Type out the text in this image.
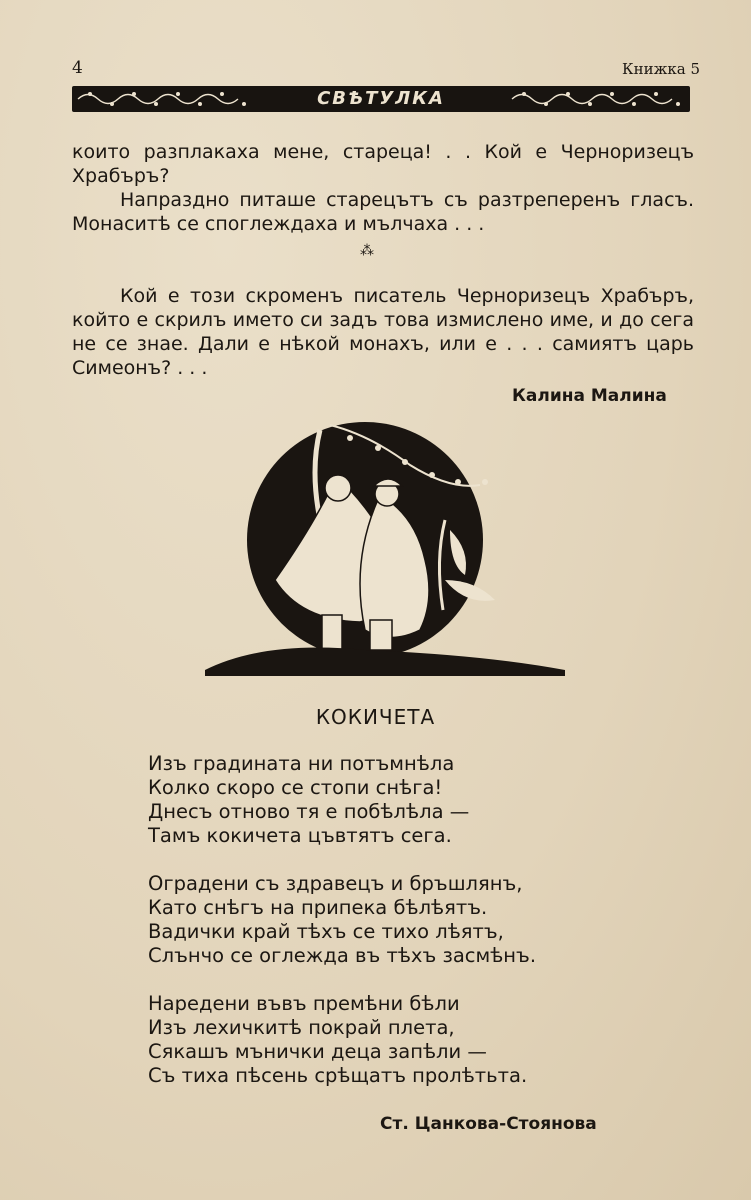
4	Книжка 5
СВѢТУЛКА

които разплакаха мене, стареца! . . Кой е Черноризецъ Храбъръ?

Напраздно питаше старецътъ съ разтреперенъ гласъ. Монаситѣ се споглеждаха и мълчаха . . .

⁂

Кой е този скроменъ писатель Черноризецъ Храбъръ, който е скрилъ името си задъ това измислено име, и до сега не се знае. Дали е нѣкой монахъ, или е . . . самиятъ царь Симеонъ? . . .

Калина Малина
КОКИЧЕТА
Изъ градината ни потъмнѣла
Колко скоро се стопи снѣга!
Днесъ отново тя е побѣлѣла —
Тамъ кокичета цъвтятъ сега.
Оградени съ здравецъ и бръшлянъ,
Като снѣгъ на припека бѣлѣятъ.
Вадички край тѣхъ се тихо лѣятъ,
Слънчо се оглежда въ тѣхъ засмѣнъ.
Наредени въвъ премѣни бѣли
Изъ лехичкитѣ покрай плета,
Сякашъ мънички деца запѣли —
Съ тиха пѣсень срѣщатъ пролѣтьта.
Ст. Цанкова-Стоянова
